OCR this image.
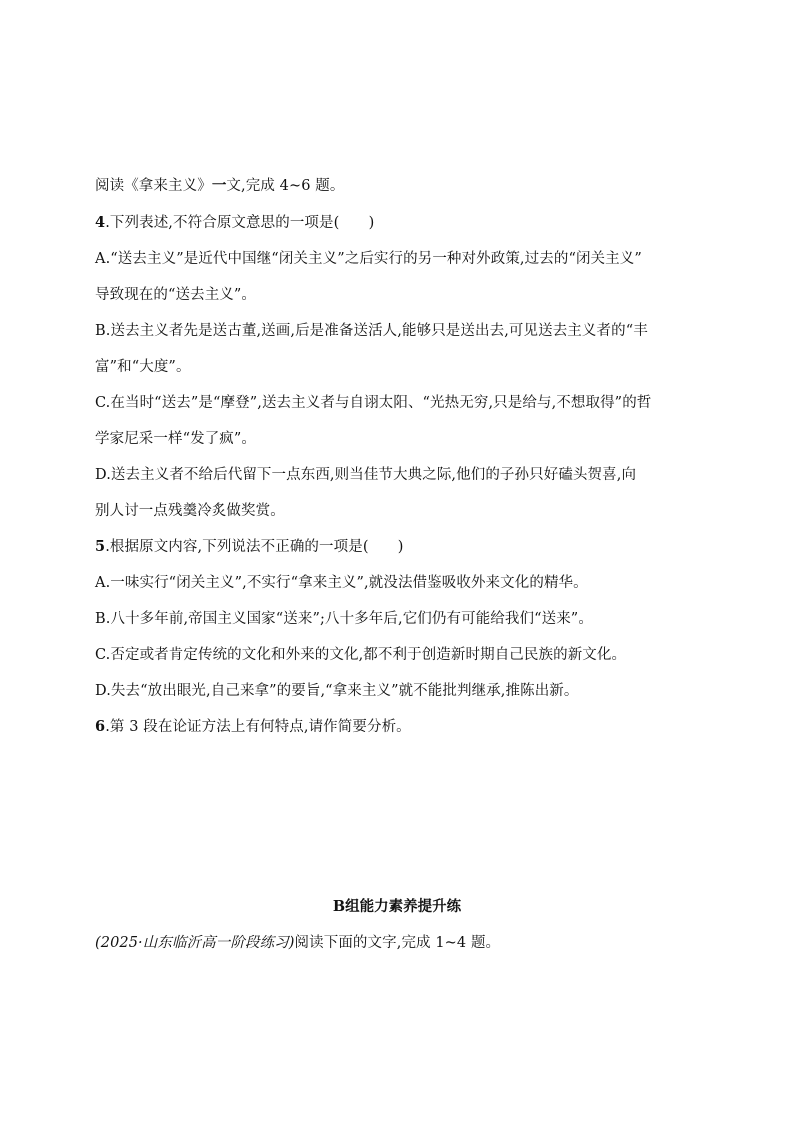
阅读《拿来主义》一文,完成 4~6 题。
4.下列表述,不符合原文意思的一项是(　　)
A.“送去主义”是近代中国继“闭关主义”之后实行的另一种对外政策,过去的“闭关主义”
导致现在的“送去主义”。
B.送去主义者先是送古董,送画,后是准备送活人,能够只是送出去,可见送去主义者的“丰
富”和“大度”。
C.在当时“送去”是“摩登”,送去主义者与自诩太阳、“光热无穷,只是给与,不想取得”的哲
学家尼采一样“发了疯”。
D.送去主义者不给后代留下一点东西,则当佳节大典之际,他们的子孙只好磕头贺喜,向
别人讨一点残羹冷炙做奖赏。
5.根据原文内容,下列说法不正确的一项是(　　)
A.一味实行“闭关主义”,不实行“拿来主义”,就没法借鉴吸收外来文化的精华。
B.八十多年前,帝国主义国家“送来”;八十多年后,它们仍有可能给我们“送来”。
C.否定或者肯定传统的文化和外来的文化,都不利于创造新时期自己民族的新文化。
D.失去“放出眼光,自己来拿”的要旨,“拿来主义”就不能批判继承,推陈出新。
6.第 3 段在论证方法上有何特点,请作简要分析。
B组能力素养提升练
(2025·山东临沂高一阶段练习)阅读下面的文字,完成 1~4 题。
